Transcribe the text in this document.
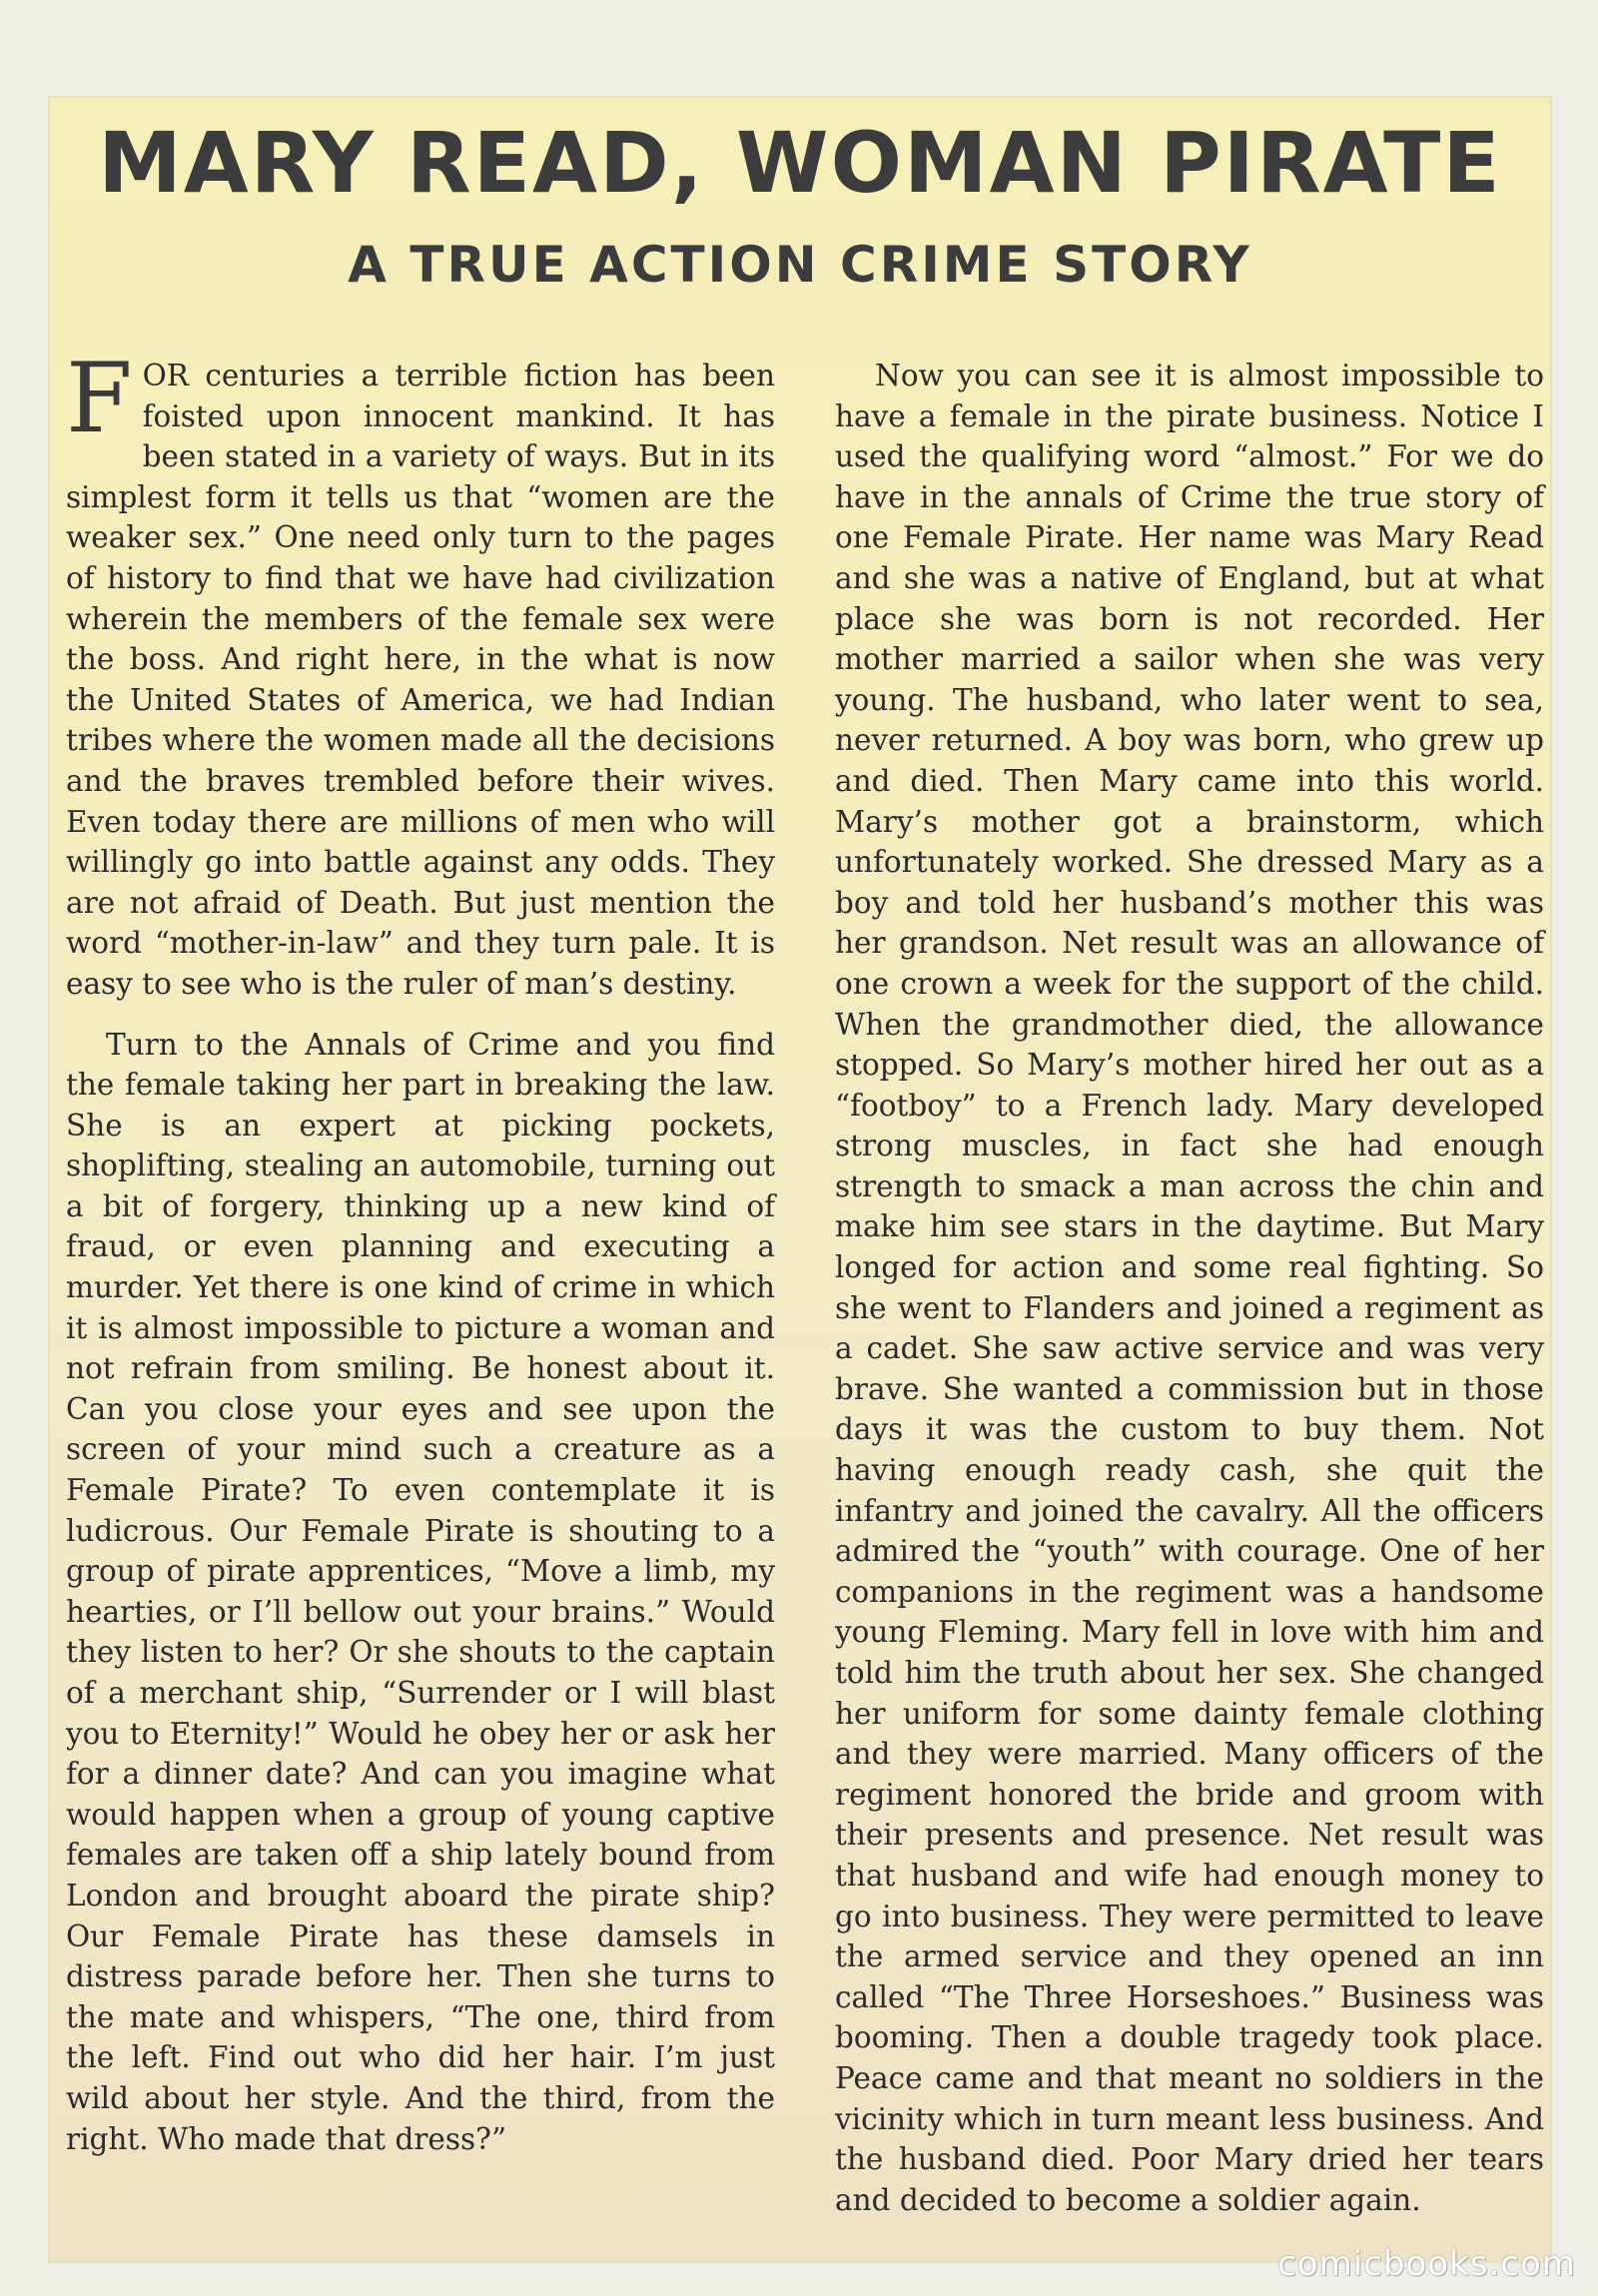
MARY READ, WOMAN PIRATE
A TRUE ACTION CRIME STORY

FOR centuries a terrible fiction has been foisted upon innocent mankind. It has been stated in a variety of ways. But in its simplest form it tells us that “women are the weaker sex.” One need only turn to the pages of history to find that we have had civilization wherein the members of the female sex were the boss. And right here, in the what is now the United States of America, we had Indian tribes where the women made all the decisions and the braves trembled before their wives. Even today there are millions of men who will willingly go into battle against any odds. They are not afraid of Death. But just mention the word “mother-in-law” and they turn pale. It is easy to see who is the ruler of man’s destiny.

Turn to the Annals of Crime and you find the female taking her part in breaking the law. She is an expert at picking pockets, shoplifting, stealing an automobile, turning out a bit of forgery, thinking up a new kind of fraud, or even planning and executing a murder. Yet there is one kind of crime in which it is almost impossible to picture a woman and not refrain from smiling. Be honest about it. Can you close your eyes and see upon the screen of your mind such a creature as a Female Pirate? To even contemplate it is ludicrous. Our Female Pirate is shouting to a group of pirate apprentices, “Move a limb, my hearties, or I’ll bellow out your brains.” Would they listen to her? Or she shouts to the captain of a merchant ship, “Surrender or I will blast you to Eternity!” Would he obey her or ask her for a dinner date? And can you imagine what would happen when a group of young captive females are taken off a ship lately bound from London and brought aboard the pirate ship? Our Female Pirate has these damsels in distress parade before her. Then she turns to the mate and whispers, “The one, third from the left. Find out who did her hair. I’m just wild about her style. And the third, from the right. Who made that dress?”

Now you can see it is almost impossible to have a female in the pirate business. Notice I used the qualifying word “almost.” For we do have in the annals of Crime the true story of one Female Pirate. Her name was Mary Read and she was a native of England, but at what place she was born is not recorded. Her mother married a sailor when she was very young. The husband, who later went to sea, never returned. A boy was born, who grew up and died. Then Mary came into this world. Mary’s mother got a brainstorm, which unfortunately worked. She dressed Mary as a boy and told her husband’s mother this was her grandson. Net result was an allowance of one crown a week for the support of the child. When the grandmother died, the allowance stopped. So Mary’s mother hired her out as a “footboy” to a French lady. Mary developed strong muscles, in fact she had enough strength to smack a man across the chin and make him see stars in the daytime. But Mary longed for action and some real fighting. So she went to Flanders and joined a regiment as a cadet. She saw active service and was very brave. She wanted a commission but in those days it was the custom to buy them. Not having enough ready cash, she quit the infantry and joined the cavalry. All the officers admired the “youth” with courage. One of her companions in the regiment was a handsome young Fleming. Mary fell in love with him and told him the truth about her sex. She changed her uniform for some dainty female clothing and they were married. Many officers of the regiment honored the bride and groom with their presents and presence. Net result was that husband and wife had enough money to go into business. They were permitted to leave the armed service and they opened an inn called “The Three Horseshoes.” Business was booming. Then a double tragedy took place. Peace came and that meant no soldiers in the vicinity which in turn meant less business. And the husband died. Poor Mary dried her tears and decided to become a soldier again.

comicbooks.com
